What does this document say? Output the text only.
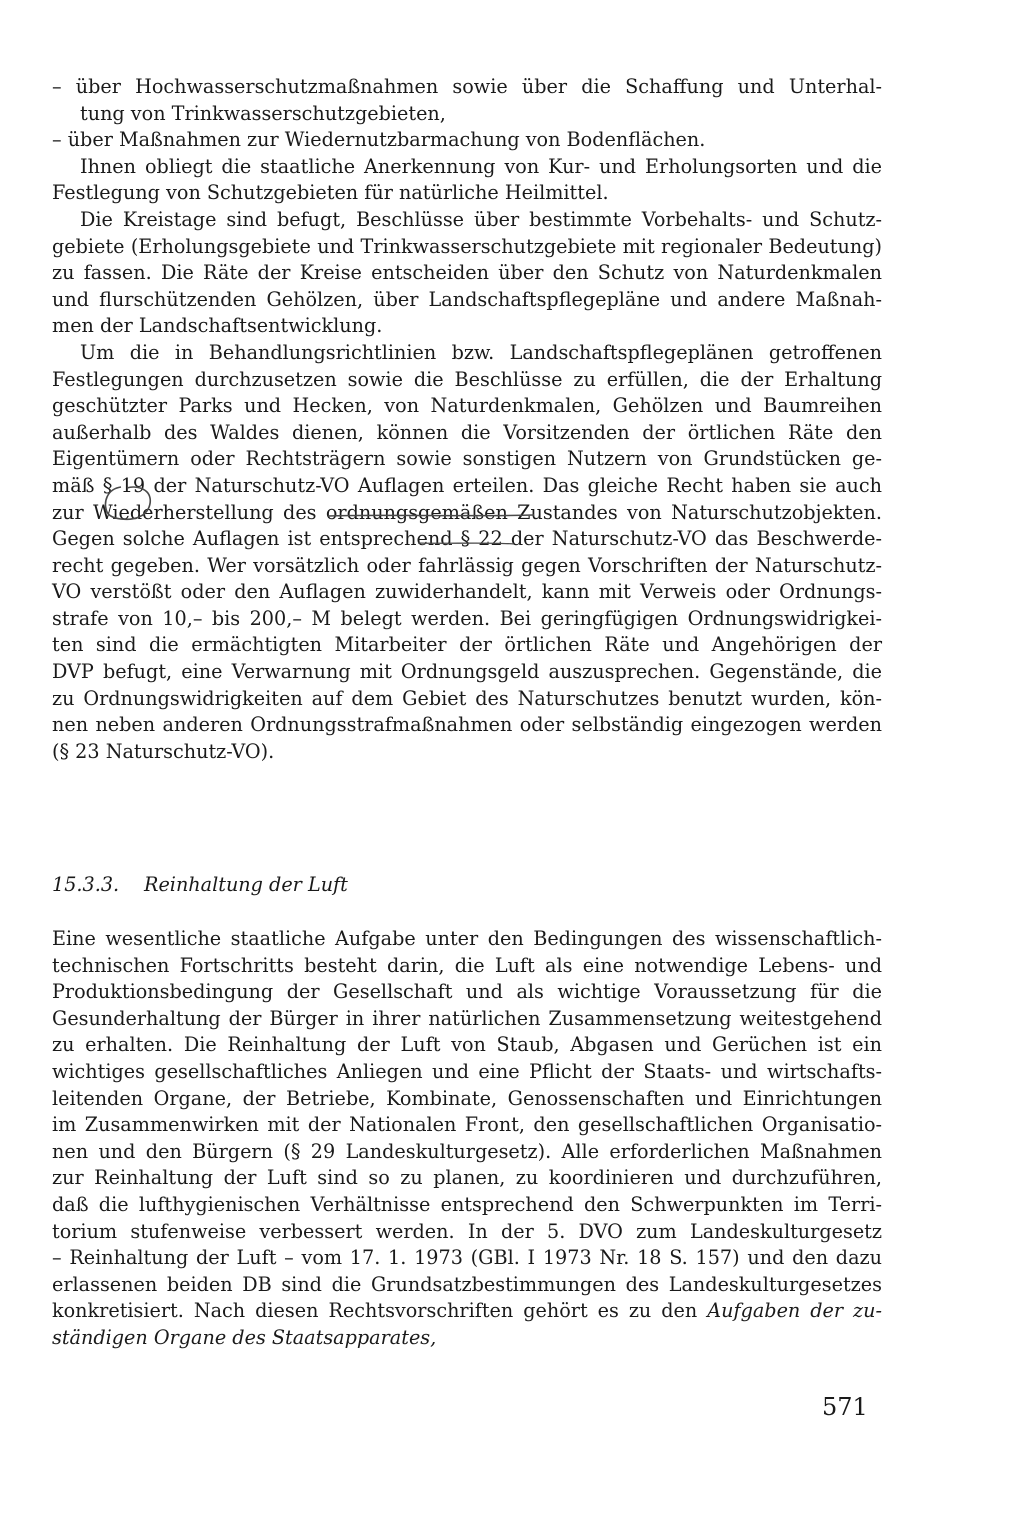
– über Hochwasserschutzmaßnahmen sowie über die Schaffung und Unterhal-
tung von Trinkwasserschutzgebieten,
– über Maßnahmen zur Wiedernutzbarmachung von Bodenflächen.
Ihnen obliegt die staatliche Anerkennung von Kur- und Erholungsorten und die
Festlegung von Schutzgebieten für natürliche Heilmittel.
Die Kreistage sind befugt, Beschlüsse über bestimmte Vorbehalts- und Schutz-
gebiete (Erholungsgebiete und Trinkwasserschutzgebiete mit regionaler Bedeutung)
zu fassen. Die Räte der Kreise entscheiden über den Schutz von Naturdenkmalen
und flurschützenden Gehölzen, über Landschaftspflegepläne und andere Maßnah-
men der Landschaftsentwicklung.
Um die in Behandlungsrichtlinien bzw. Landschaftspflegeplänen getroffenen
Festlegungen durchzusetzen sowie die Beschlüsse zu erfüllen, die der Erhaltung
geschützter Parks und Hecken, von Naturdenkmalen, Gehölzen und Baumreihen
außerhalb des Waldes dienen, können die Vorsitzenden der örtlichen Räte den
Eigentümern oder Rechtsträgern sowie sonstigen Nutzern von Grundstücken ge-
mäß § 19 der Naturschutz-VO Auflagen erteilen. Das gleiche Recht haben sie auch
zur Wiederherstellung des ordnungsgemäßen Zustandes von Naturschutzobjekten.
Gegen solche Auflagen ist entsprechend § 22 der Naturschutz-VO das Beschwerde-
recht gegeben. Wer vorsätzlich oder fahrlässig gegen Vorschriften der Naturschutz-
VO verstößt oder den Auflagen zuwiderhandelt, kann mit Verweis oder Ordnungs-
strafe von 10,– bis 200,– M belegt werden. Bei geringfügigen Ordnungswidrigkei-
ten sind die ermächtigten Mitarbeiter der örtlichen Räte und Angehörigen der
DVP befugt, eine Verwarnung mit Ordnungsgeld auszusprechen. Gegenstände, die
zu Ordnungswidrigkeiten auf dem Gebiet des Naturschutzes benutzt wurden, kön-
nen neben anderen Ordnungsstrafmaßnahmen oder selbständig eingezogen werden
(§ 23 Naturschutz-VO).
15.3.3. Reinhaltung der Luft
Eine wesentliche staatliche Aufgabe unter den Bedingungen des wissenschaftlich-
technischen Fortschritts besteht darin, die Luft als eine notwendige Lebens- und
Produktionsbedingung der Gesellschaft und als wichtige Voraussetzung für die
Gesunderhaltung der Bürger in ihrer natürlichen Zusammensetzung weitestgehend
zu erhalten. Die Reinhaltung der Luft von Staub, Abgasen und Gerüchen ist ein
wichtiges gesellschaftliches Anliegen und eine Pflicht der Staats- und wirtschafts-
leitenden Organe, der Betriebe, Kombinate, Genossenschaften und Einrichtungen
im Zusammenwirken mit der Nationalen Front, den gesellschaftlichen Organisatio-
nen und den Bürgern (§ 29 Landeskulturgesetz). Alle erforderlichen Maßnahmen
zur Reinhaltung der Luft sind so zu planen, zu koordinieren und durchzuführen,
daß die lufthygienischen Verhältnisse entsprechend den Schwerpunkten im Terri-
torium stufenweise verbessert werden. In der 5. DVO zum Landeskulturgesetz
– Reinhaltung der Luft – vom 17. 1. 1973 (GBl. I 1973 Nr. 18 S. 157) und den dazu
erlassenen beiden DB sind die Grundsatzbestimmungen des Landeskulturgesetzes
konkretisiert. Nach diesen Rechtsvorschriften gehört es zu den Aufgaben der zu-
ständigen Organe des Staatsapparates,
571
